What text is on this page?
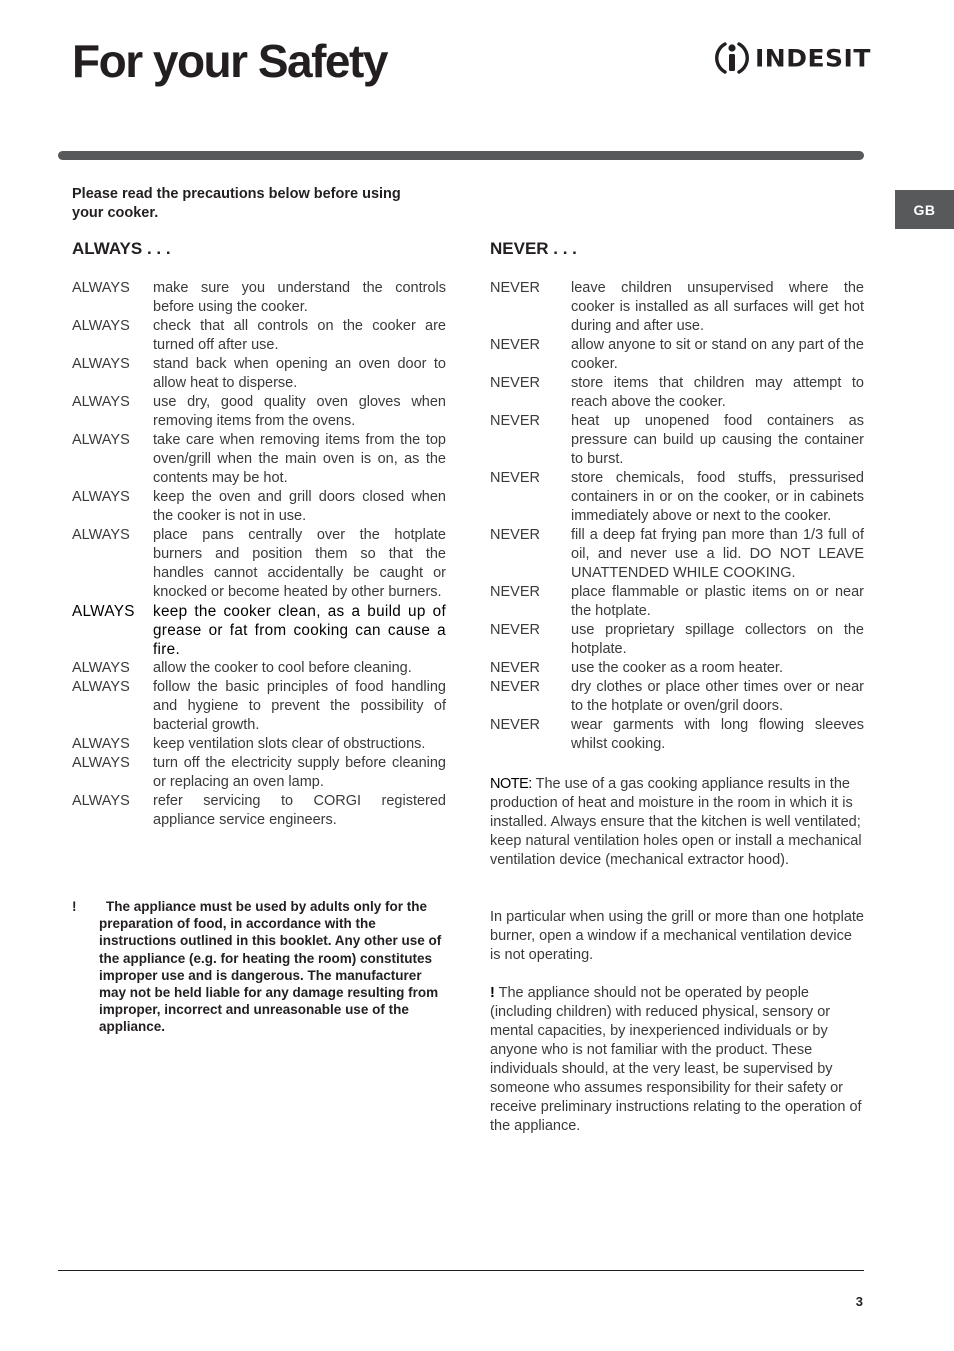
For your Safety	INDESIT
GB

Please read the precautions below before using your cooker.

ALWAYS . . .	NEVER . . .
ALWAYS	make sure you understand the controls before using the cooker.
ALWAYS	check that all controls on the cooker are turned off after use.
ALWAYS	stand back when opening an oven door to allow heat to disperse.
ALWAYS	use dry, good quality oven gloves when removing items from the ovens.
ALWAYS	take care when removing items from the top oven/grill when the main oven is on, as the contents may be hot.
ALWAYS	keep the oven and grill doors closed when the cooker is not in use.
ALWAYS	place pans centrally over the hotplate burners and position them so that the handles cannot accidentally be caught or knocked or become heated by other burners.
ALWAYS	keep the cooker clean, as a build up of grease or fat from cooking can cause a fire.
ALWAYS	allow the cooker to cool before cleaning.
ALWAYS	follow the basic principles of food handling and hygiene to prevent the possibility of bacterial growth.
ALWAYS	keep ventilation slots clear of obstructions.
ALWAYS	turn off the electricity supply before cleaning or replacing an oven lamp.
ALWAYS	refer servicing to CORGI registered appliance service engineers.
NEVER	leave children unsupervised where the cooker is installed as all surfaces will get hot during and after use.
NEVER	allow anyone to sit or stand on any part of the cooker.
NEVER	store items that children may attempt to reach above the cooker.
NEVER	heat up unopened food containers as pressure can build up causing the container to burst.
NEVER	store chemicals, food stuffs, pressurised containers in or on the cooker, or in cabinets immediately above or next to the cooker.
NEVER	fill a deep fat frying pan more than 1/3 full of oil, and never use a lid. DO NOT LEAVE UNATTENDED WHILE COOKING.
NEVER	place flammable or plastic items on or near the hotplate.
NEVER	use proprietary spillage collectors on the hotplate.
NEVER	use the cooker as a room heater.
NEVER	dry clothes or place other times over or near to the hotplate or oven/gril doors.
NEVER	wear garments with long flowing sleeves whilst cooking.
!	The appliance must be used by adults only for the preparation of food, in accordance with the instructions outlined in this booklet. Any other use of the appliance (e.g. for heating the room) constitutes improper use and is dangerous. The manufacturer may not be held liable for any damage resulting from improper, incorrect and unreasonable use of the appliance.

NOTE: The use of a gas cooking appliance results in the production of heat and moisture in the room in which it is installed. Always ensure that the kitchen is well ventilated; keep natural ventilation holes open or install a mechanical ventilation device (mechanical extractor hood).

In particular when using the grill or more than one hotplate burner, open a window if a mechanical ventilation device is not operating.

! The appliance should not be operated by people (including children) with reduced physical, sensory or mental capacities, by inexperienced individuals or by anyone who is not familiar with the product. These individuals should, at the very least, be supervised by someone who assumes responsibility for their safety or receive preliminary instructions relating to the operation of the appliance.

3
